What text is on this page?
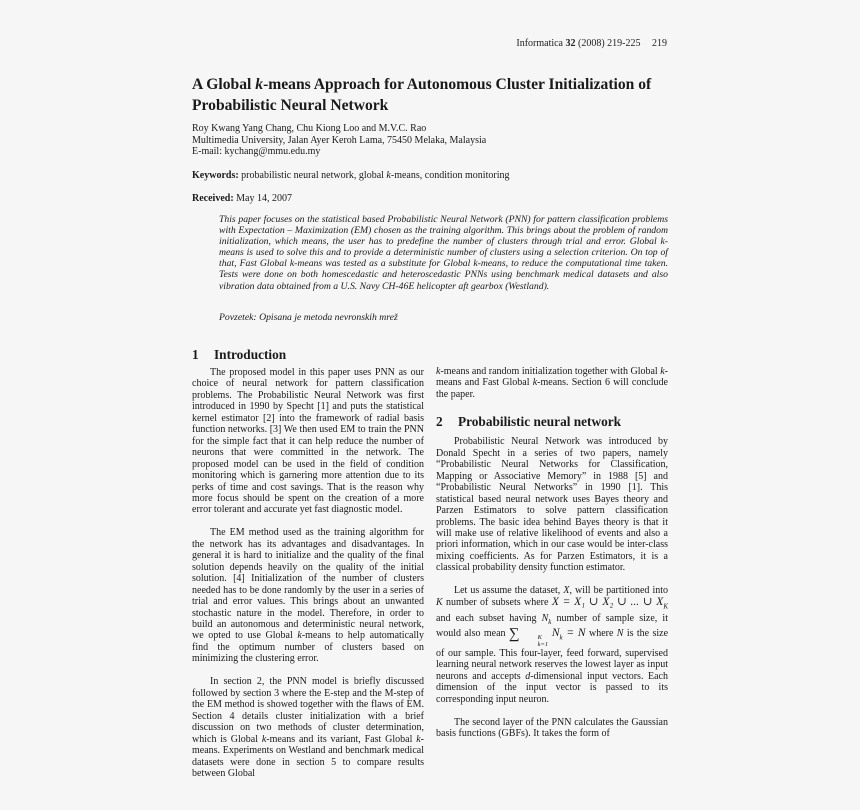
Informatica 32 (2008) 219-225 219
A Global k-means Approach for Autonomous Cluster Initialization of Probabilistic Neural Network
Roy Kwang Yang Chang, Chu Kiong Loo and M.V.C. Rao
Multimedia University, Jalan Ayer Keroh Lama, 75450 Melaka, Malaysia
E-mail: kychang@mmu.edu.my
Keywords: probabilistic neural network, global k-means, condition monitoring
Received: May 14, 2007

This paper focuses on the statistical based Probabilistic Neural Network (PNN) for pattern classification problems with Expectation – Maximization (EM) chosen as the training algorithm. This brings about the problem of random initialization, which means, the user has to predefine the number of clusters through trial and error. Global k-means is used to solve this and to provide a deterministic number of clusters using a selection criterion. On top of that, Fast Global k-means was tested as a substitute for Global k-means, to reduce the computational time taken. Tests were done on both homescedastic and heteroscedastic PNNs using benchmark medical datasets and also vibration data obtained from a U.S. Navy CH-46E helicopter aft gearbox (Westland).

Povzetek: Opisana je metoda nevronskih mrež
1	Introduction

The proposed model in this paper uses PNN as our choice of neural network for pattern classification problems. The Probabilistic Neural Network was first introduced in 1990 by Specht [1] and puts the statistical kernel estimator [2] into the framework of radial basis function networks. [3] We then used EM to train the PNN for the simple fact that it can help reduce the number of neurons that were committed in the network. The proposed model can be used in the field of condition monitoring which is garnering more attention due to its perks of time and cost savings. That is the reason why more focus should be spent on the creation of a more error tolerant and accurate yet fast diagnostic model.

The EM method used as the training algorithm for the network has its advantages and disadvantages. In general it is hard to initialize and the quality of the final solution depends heavily on the quality of the initial solution. [4] Initialization of the number of clusters needed has to be done randomly by the user in a series of trial and error values. This brings about an unwanted stochastic nature in the model. Therefore, in order to build an autonomous and deterministic neural network, we opted to use Global k-means to help automatically find the optimum number of clusters based on minimizing the clustering error.

In section 2, the PNN model is briefly discussed followed by section 3 where the E-step and the M-step of the EM method is showed together with the flaws of EM. Section 4 details cluster initialization with a brief discussion on two methods of cluster determination, which is Global k-means and its variant, Fast Global k-means. Experiments on Westland and benchmark medical datasets were done in section 5 to compare results between Global

k-means and random initialization together with Global k-means and Fast Global k-means. Section 6 will conclude the paper.

2	Probabilistic neural network

Probabilistic Neural Network was introduced by Donald Specht in a series of two papers, namely “Probabilistic Neural Networks for Classification, Mapping or Associative Memory” in 1988 [5] and “Probabilistic Neural Networks” in 1990 [1]. This statistical based neural network uses Bayes theory and Parzen Estimators to solve pattern classification problems. The basic idea behind Bayes theory is that it will make use of relative likelihood of events and also a priori information, which in our case would be inter-class mixing coefficients. As for Parzen Estimators, it is a classical probability density function estimator.

Let us assume the dataset, X, will be partitioned into K number of subsets where X = X₁ ∪ X₂ ∪ ... ∪ $X_K$ and each subset having $N_k$ number of sample size, it would also mean ∑	K
k=1
$N_k = N$ where N is the size of our sample. This four-layer, feed forward, supervised learning neural network reserves the lowest layer as input neurons and accepts d-dimensional input vectors. Each dimension of the input vector is passed to its corresponding input neuron.

The second layer of the PNN calculates the Gaussian basis functions (GBFs). It takes the form of
